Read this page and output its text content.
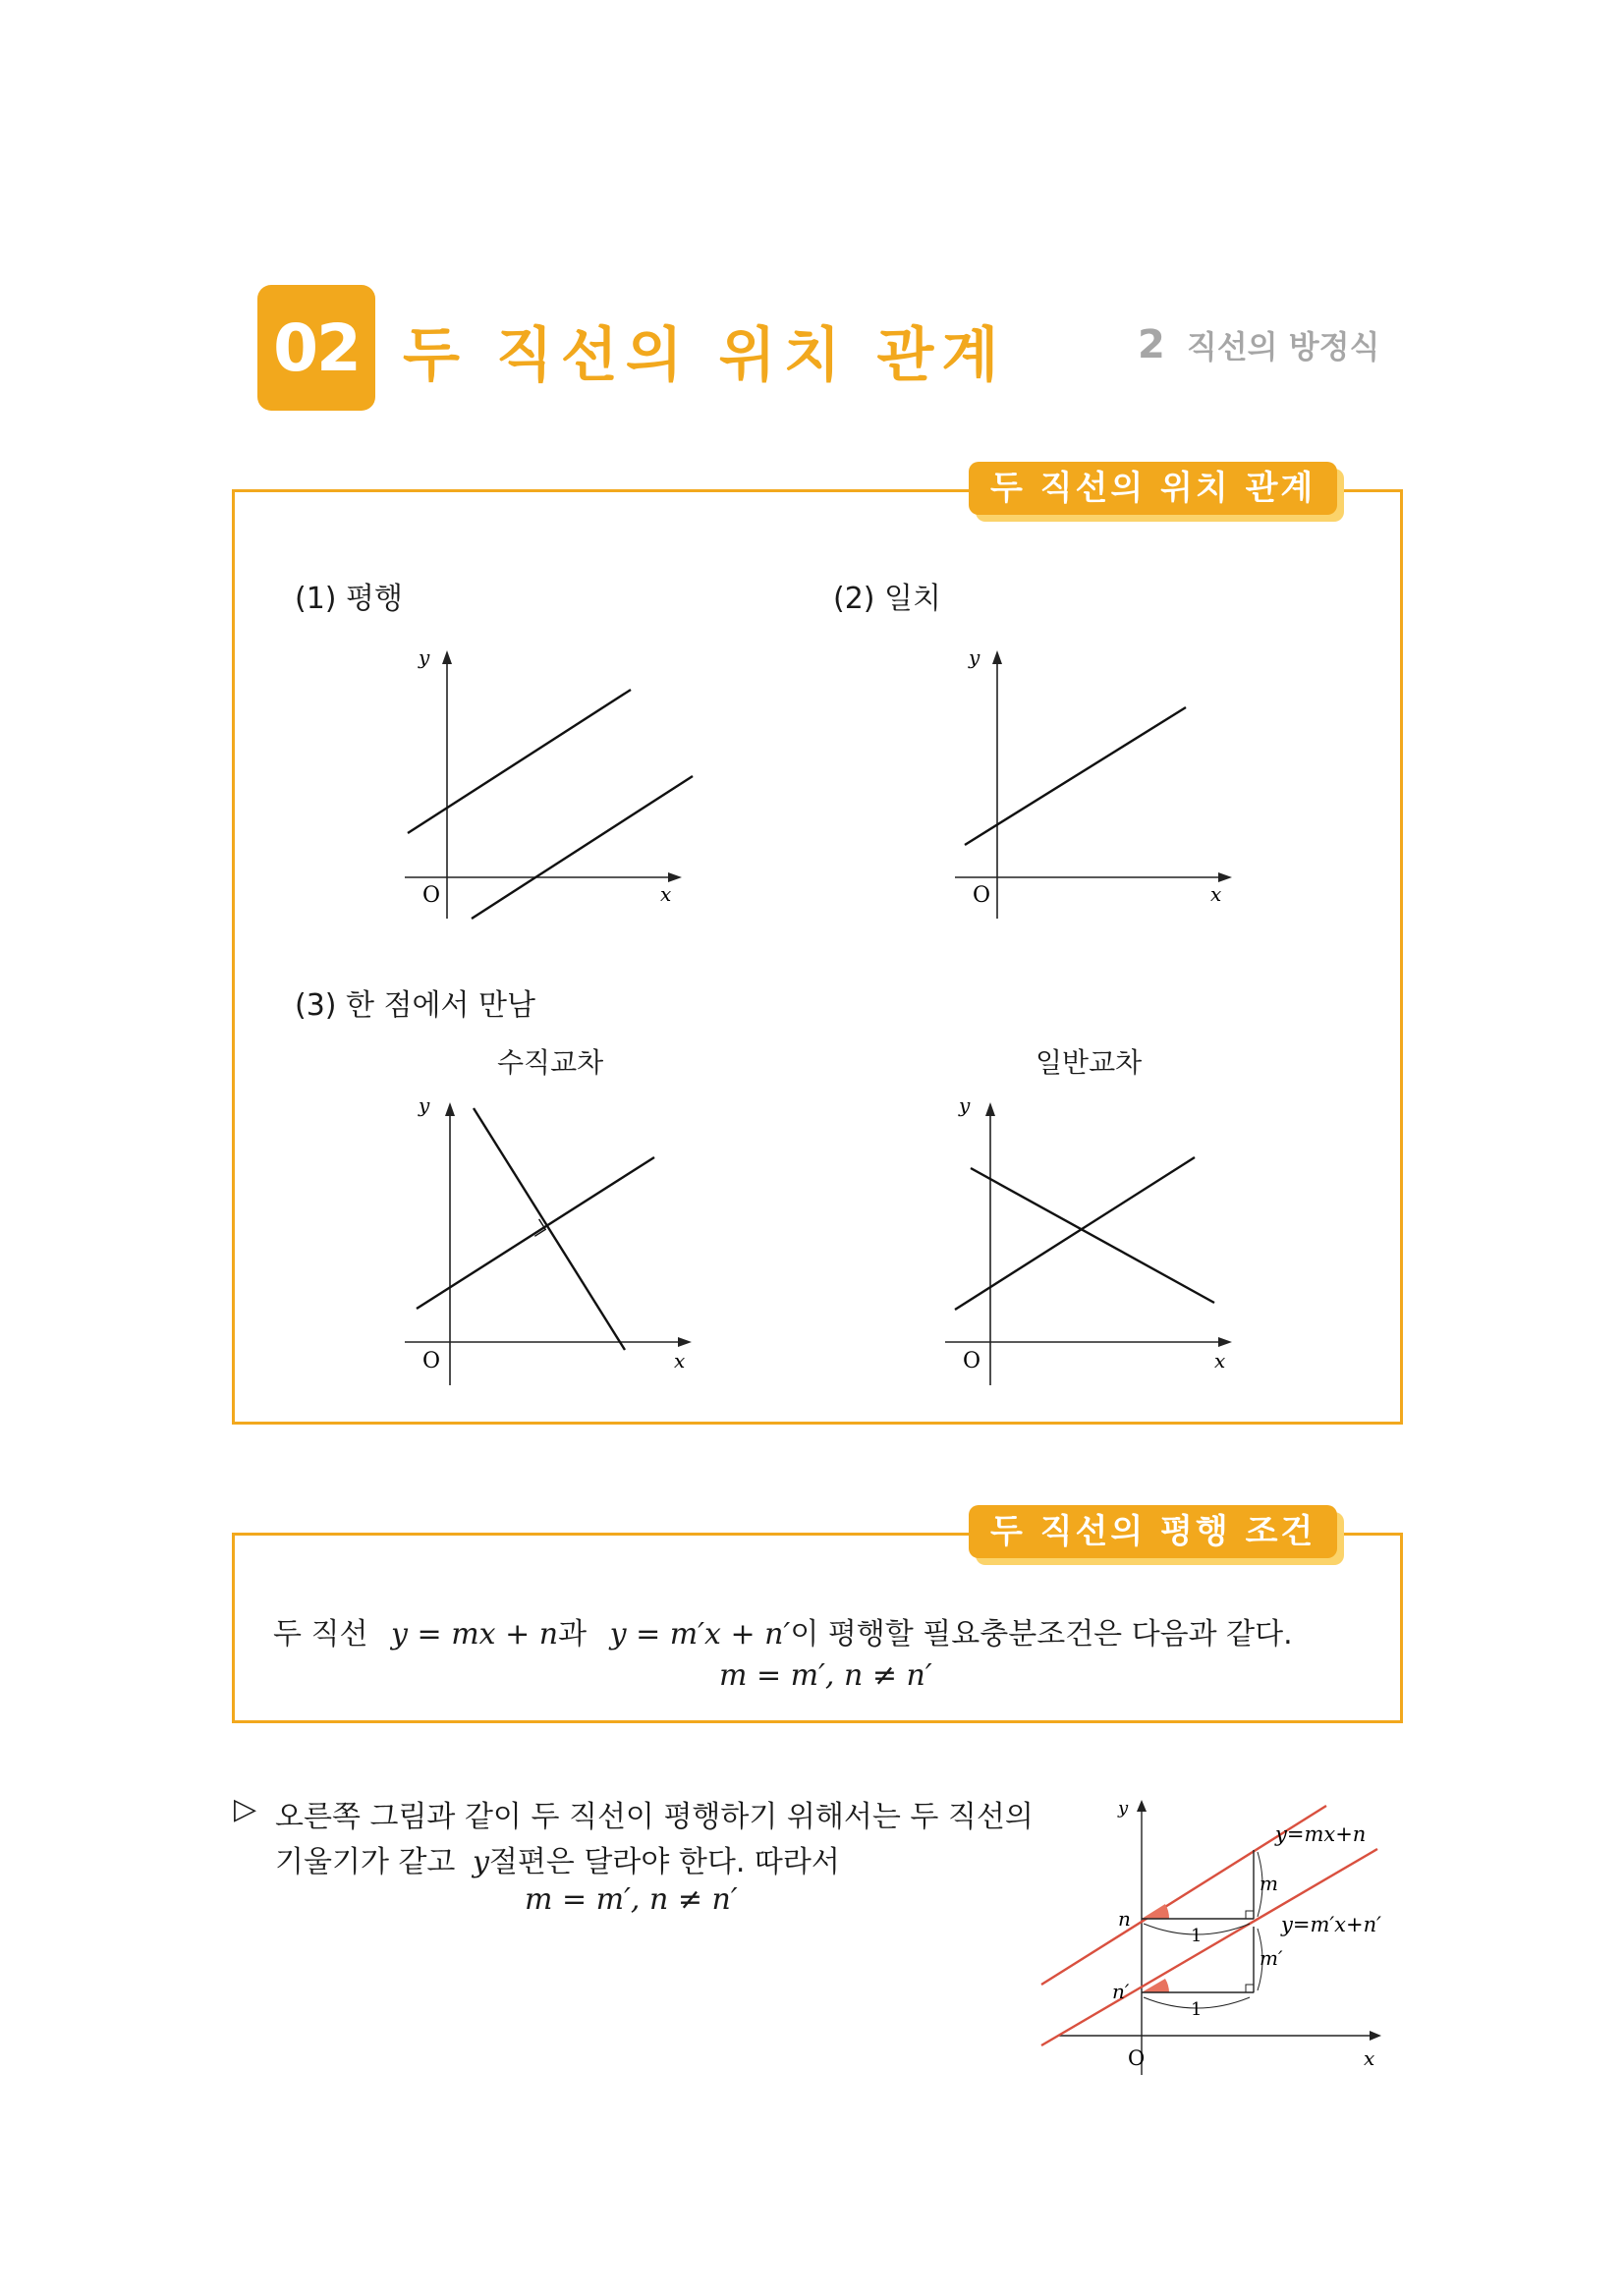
02 두 직선의 위치 관계	2 직선의 방정식
두 직선의 위치 관계
(1) 평행	(2) 일치
(3) 한 점에서 만남
수직교차	일반교차
y
O	x
y
O	x
y
O	x
y
O	x
두 직선의 평행 조건
두 직선 y = mx + n과 y = m′x + n′이 평행할 필요충분조건은 다음과 같다.
m = m′, n ≠ n′
▷ 오른쪽 그림과 같이 두 직선이 평행하기 위해서는 두 직선의
기울기가 같고 y절편은 달라야 한다. 따라서
m = m′, n ≠ n′
y
O	x
n
n′
m
m′
1
1
y=mx+n
y=m′x+n′
